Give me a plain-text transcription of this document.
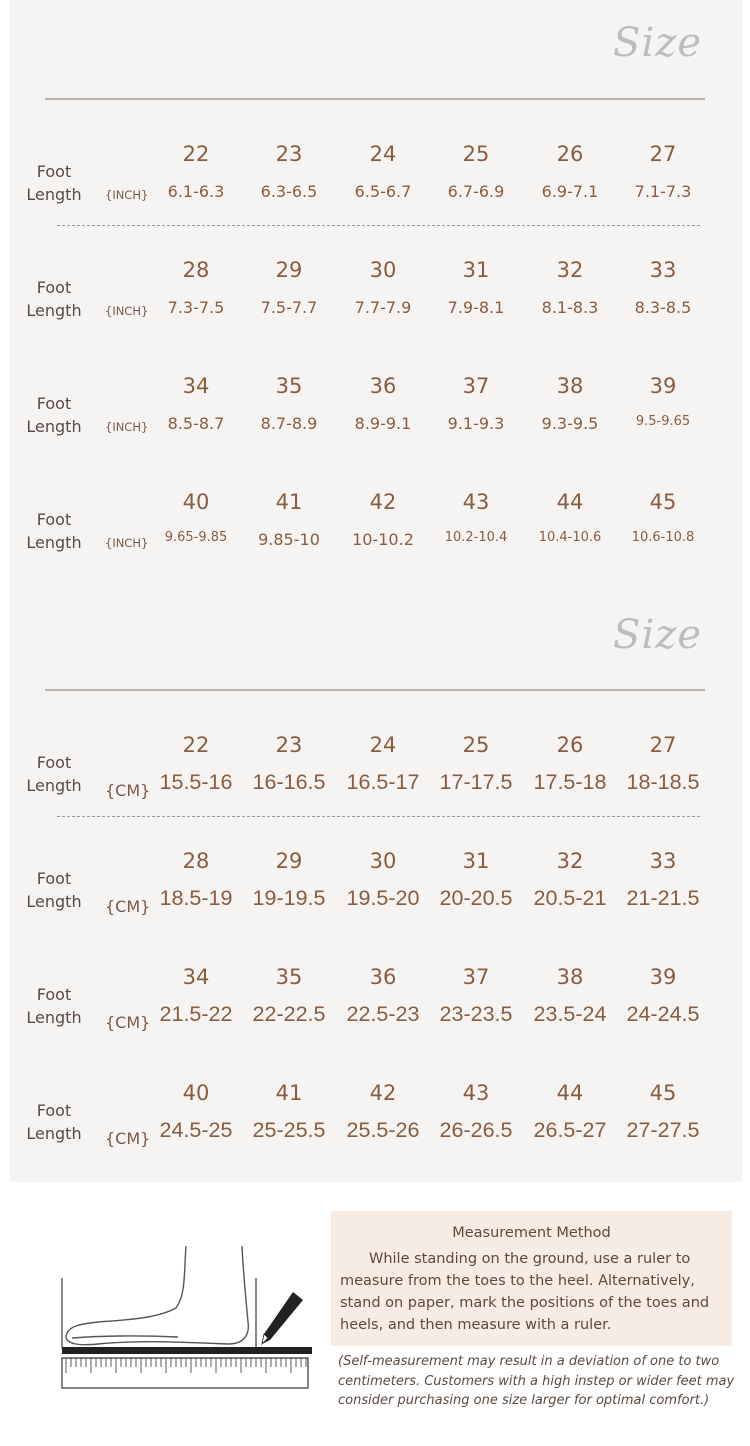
Size
Foot
Length {INCH}
22
6.1-6.3
23
6.3-6.5
24
6.5-6.7
25
6.7-6.9
26
6.9-7.1
27
7.1-7.3
Foot
Length {INCH}
28
7.3-7.5
29
7.5-7.7
30
7.7-7.9
31
7.9-8.1
32
8.1-8.3
33
8.3-8.5
Foot
Length {INCH}
34
8.5-8.7
35
8.7-8.9
36
8.9-9.1
37
9.1-9.3
38
9.3-9.5
39
9.5-9.65
Foot
Length {INCH}
40
9.65-9.85
41
9.85-10
42
10-10.2
43
10.2-10.4
44
10.4-10.6
45
10.6-10.8
Size
Foot
Length {CM}
22
15.5-16
23
16-16.5
24
16.5-17
25
17-17.5
26
17.5-18
27
18-18.5
Foot
Length {CM}
28
18.5-19
29
19-19.5
30
19.5-20
31
20-20.5
32
20.5-21
33
21-21.5
Foot
Length {CM}
34
21.5-22
35
22-22.5
36
22.5-23
37
23-23.5
38
23.5-24
39
24-24.5
Foot
Length {CM}
40
24.5-25
41
25-25.5
42
25.5-26
43
26-26.5
44
26.5-27
45
27-27.5
Measurement Method
While standing on the ground, use a ruler to measure from the toes to the heel. Alternatively, stand on paper, mark the positions of the toes and heels, and then measure with a ruler.
(Self-measurement may result in a deviation of one to two centimeters. Customers with a high instep or wider feet may consider purchasing one size larger for optimal comfort.)
